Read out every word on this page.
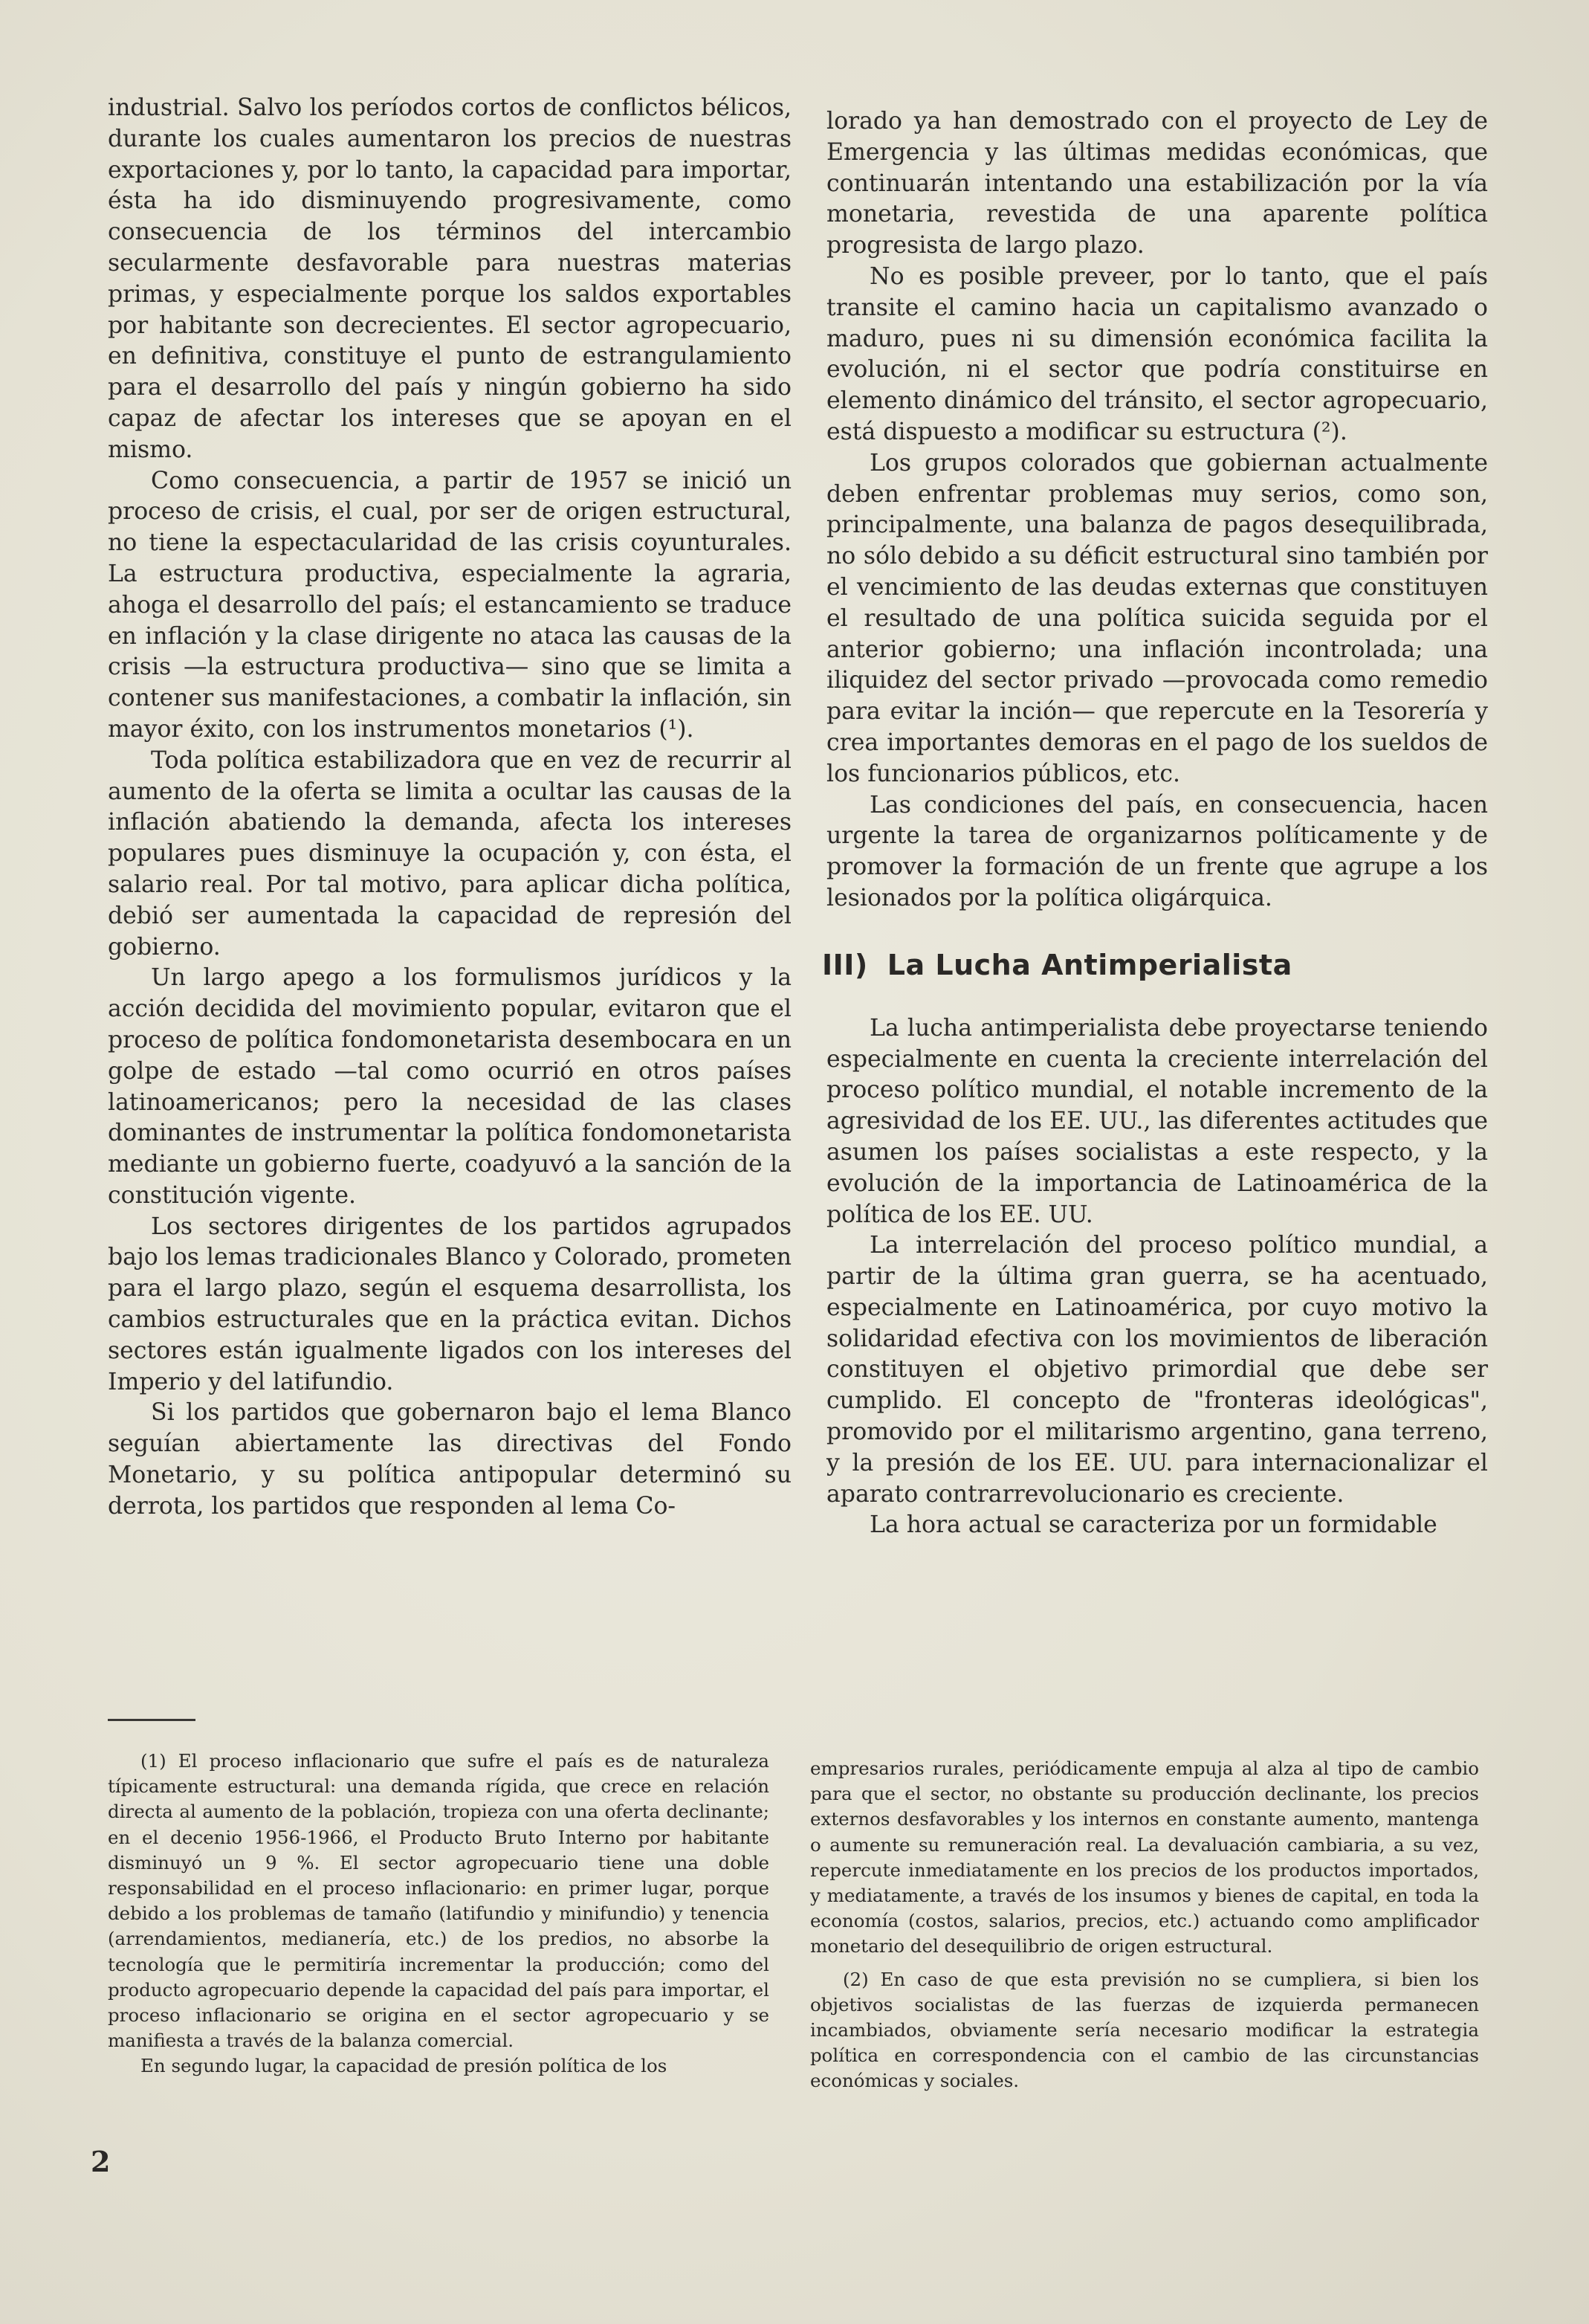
industrial. Salvo los períodos cortos de conflictos bélicos, durante los cuales aumentaron los precios de nuestras exportaciones y, por lo tanto, la capacidad para importar, ésta ha ido disminuyendo progresivamente, como consecuencia de los términos del intercambio secularmente desfavorable para nuestras materias primas, y especialmente porque los saldos exportables por habitante son decrecientes. El sector agropecuario, en definitiva, constituye el punto de estrangulamiento para el desarrollo del país y ningún gobierno ha sido capaz de afectar los intereses que se apoyan en el mismo.

Como consecuencia, a partir de 1957 se inició un proceso de crisis, el cual, por ser de origen estructural, no tiene la espectacularidad de las crisis coyunturales. La estructura productiva, especialmente la agraria, ahoga el desarrollo del país; el estancamiento se traduce en inflación y la clase dirigente no ataca las causas de la crisis —la estructura productiva— sino que se limita a contener sus manifestaciones, a combatir la inflación, sin mayor éxito, con los instrumentos monetarios (¹).

Toda política estabilizadora que en vez de recurrir al aumento de la oferta se limita a ocultar las causas de la inflación abatiendo la demanda, afecta los intereses populares pues disminuye la ocupación y, con ésta, el salario real. Por tal motivo, para aplicar dicha política, debió ser aumentada la capacidad de represión del gobierno.

Un largo apego a los formulismos jurídicos y la acción decidida del movimiento popular, evitaron que el proceso de política fondomonetarista desembocara en un golpe de estado —tal como ocurrió en otros países latinoamericanos; pero la necesidad de las clases dominantes de instrumentar la política fondomonetarista mediante un gobierno fuerte, coadyuvó a la sanción de la constitución vigente.

Los sectores dirigentes de los partidos agrupados bajo los lemas tradicionales Blanco y Colorado, prometen para el largo plazo, según el esquema desarrollista, los cambios estructurales que en la práctica evitan. Dichos sectores están igualmente ligados con los intereses del Imperio y del latifundio.

Si los partidos que gobernaron bajo el lema Blanco seguían abiertamente las directivas del Fondo Monetario, y su política antipopular determinó su derrota, los partidos que responden al lema Co-

lorado ya han demostrado con el proyecto de Ley de Emergencia y las últimas medidas económicas, que continuarán intentando una estabilización por la vía monetaria, revestida de una aparente política progresista de largo plazo.

No es posible preveer, por lo tanto, que el país transite el camino hacia un capitalismo avanzado o maduro, pues ni su dimensión económica facilita la evolución, ni el sector que podría constituirse en elemento dinámico del tránsito, el sector agropecuario, está dispuesto a modificar su estructura (²).

Los grupos colorados que gobiernan actualmente deben enfrentar problemas muy serios, como son, principalmente, una balanza de pagos desequilibrada, no sólo debido a su déficit estructural sino también por el vencimiento de las deudas externas que constituyen el resultado de una política suicida seguida por el anterior gobierno; una inflación incontrolada; una iliquidez del sector privado —provocada como remedio para evitar la inción— que repercute en la Tesorería y crea importantes demoras en el pago de los sueldos de los funcionarios públicos, etc.

Las condiciones del país, en consecuencia, hacen urgente la tarea de organizarnos políticamente y de promover la formación de un frente que agrupe a los lesionados por la política oligárquica.

III) La Lucha Antimperialista

La lucha antimperialista debe proyectarse teniendo especialmente en cuenta la creciente interrelación del proceso político mundial, el notable incremento de la agresividad de los EE. UU., las diferentes actitudes que asumen los países socialistas a este respecto, y la evolución de la importancia de Latinoamérica de la política de los EE. UU.

La interrelación del proceso político mundial, a partir de la última gran guerra, se ha acentuado, especialmente en Latinoamérica, por cuyo motivo la solidaridad efectiva con los movimientos de liberación constituyen el objetivo primordial que debe ser cumplido. El concepto de "fronteras ideológicas", promovido por el militarismo argentino, gana terreno, y la presión de los EE. UU. para internacionalizar el aparato contrarrevolucionario es creciente.

La hora actual se caracteriza por un formidable

(1) El proceso inflacionario que sufre el país es de naturaleza típicamente estructural: una demanda rígida, que crece en relación directa al aumento de la población, tropieza con una oferta declinante; en el decenio 1956-1966, el Producto Bruto Interno por habitante disminuyó un 9 %. El sector agropecuario tiene una doble responsabilidad en el proceso inflacionario: en primer lugar, porque debido a los problemas de tamaño (latifundio y minifundio) y tenencia (arrendamientos, medianería, etc.) de los predios, no absorbe la tecnología que le permitiría incrementar la producción; como del producto agropecuario depende la capacidad del país para importar, el proceso inflacionario se origina en el sector agropecuario y se manifiesta a través de la balanza comercial.

En segundo lugar, la capacidad de presión política de los

empresarios rurales, periódicamente empuja al alza al tipo de cambio para que el sector, no obstante su producción declinante, los precios externos desfavorables y los internos en constante aumento, mantenga o aumente su remuneración real. La devaluación cambiaria, a su vez, repercute inmediatamente en los precios de los productos importados, y mediatamente, a través de los insumos y bienes de capital, en toda la economía (costos, salarios, precios, etc.) actuando como amplificador monetario del desequilibrio de origen estructural.

(2) En caso de que esta previsión no se cumpliera, si bien los objetivos socialistas de las fuerzas de izquierda permanecen incambiados, obviamente sería necesario modificar la estrategia política en correspondencia con el cambio de las circunstancias económicas y sociales.

2
